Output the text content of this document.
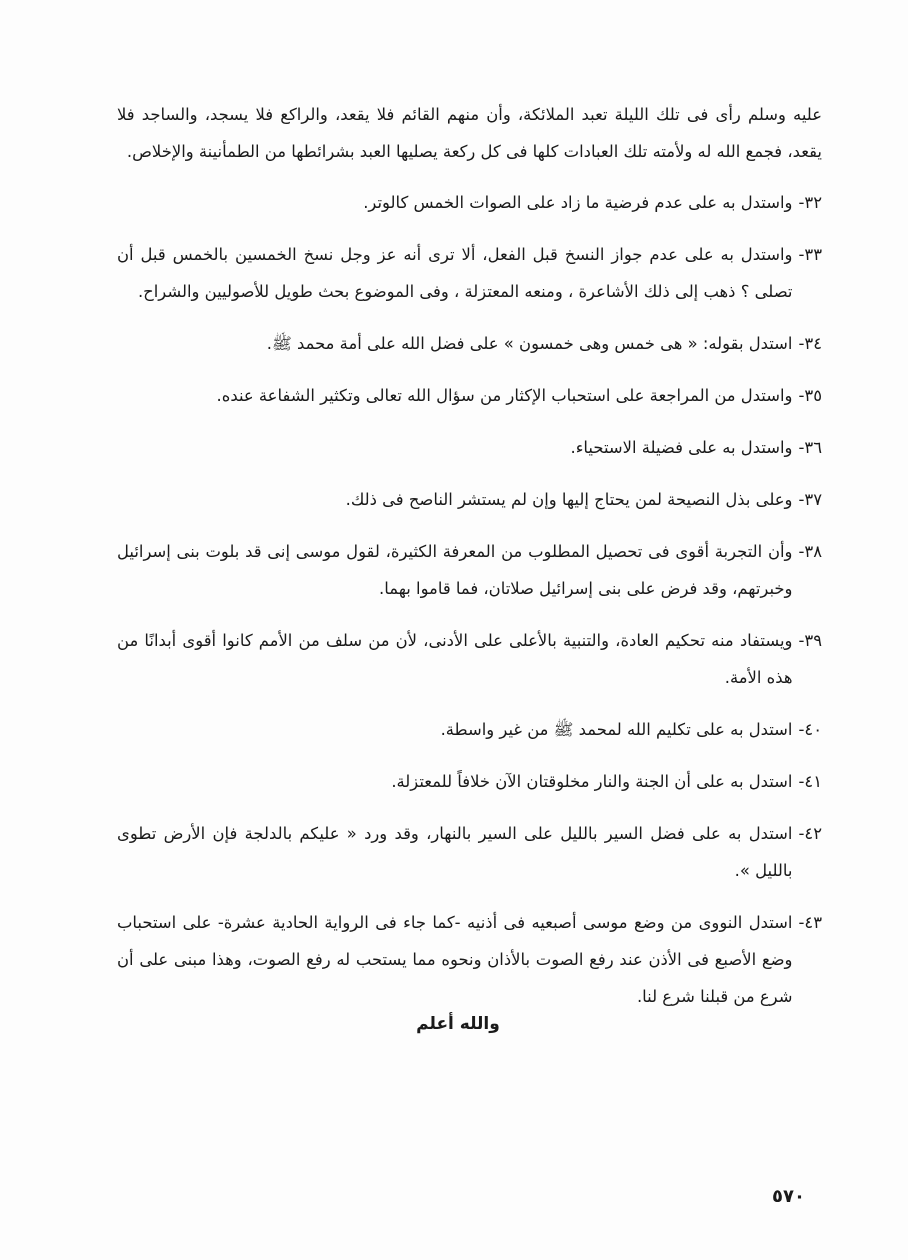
عليه وسلم رأى فى تلك الليلة تعبد الملائكة، وأن منهم القائم فلا يقعد، والراكع فلا يسجد، والساجد فلا يقعد، فجمع الله له ولأمته تلك العبادات كلها فى كل ركعة يصليها العبد بشرائطها من الطمأنينة والإخلاص.

٣٢-
واستدل به على عدم فرضية ما زاد على الصوات الخمس كالوتر.
٣٣-
واستدل به على عدم جواز النسخ قبل الفعل، ألا ترى أنه عز وجل نسخ الخمسين بالخمس قبل أن تصلى ؟ ذهب إلى ذلك الأشاعرة ، ومنعه المعتزلة ، وفى الموضوع بحث طويل للأصوليين والشراح.
٣٤-
استدل بقوله: « هى خمس وهى خمسون » على فضل الله على أمة محمد ﷺ.
٣٥-
واستدل من المراجعة على استحباب الإكثار من سؤال الله تعالى وتكثير الشفاعة عنده.
٣٦-
واستدل به على فضيلة الاستحياء.
٣٧-
وعلى بذل النصيحة لمن يحتاج إليها وإن لم يستشر الناصح فى ذلك.
٣٨-
وأن التجربة أقوى فى تحصيل المطلوب من المعرفة الكثيرة، لقول موسى إنى قد بلوت بنى إسرائيل وخبرتهم، وقد فرض على بنى إسرائيل صلاتان، فما قاموا بهما.
٣٩-
ويستفاد منه تحكيم العادة، والتنبية بالأعلى على الأدنى، لأن من سلف من الأمم كانوا أقوى أبدانًا من هذه الأمة.
٤٠-
استدل به على تكليم الله لمحمد ﷺ من غير واسطة.
٤١-
استدل به على أن الجنة والنار مخلوقتان الآن خلافاً للمعتزلة.
٤٢-
استدل به على فضل السير بالليل على السير بالنهار، وقد ورد « عليكم بالدلجة فإن الأرض تطوى بالليل ».
٤٣-
استدل النووى من وضع موسى أصبعيه فى أذنيه -كما جاء فى الرواية الحادية عشرة- على استحباب وضع الأصبع فى الأذن عند رفع الصوت بالأذان ونحوه مما يستحب له رفع الصوت، وهذا مبنى على أن شرع من قبلنا شرع لنا.
والله أعلم
٥٧٠
